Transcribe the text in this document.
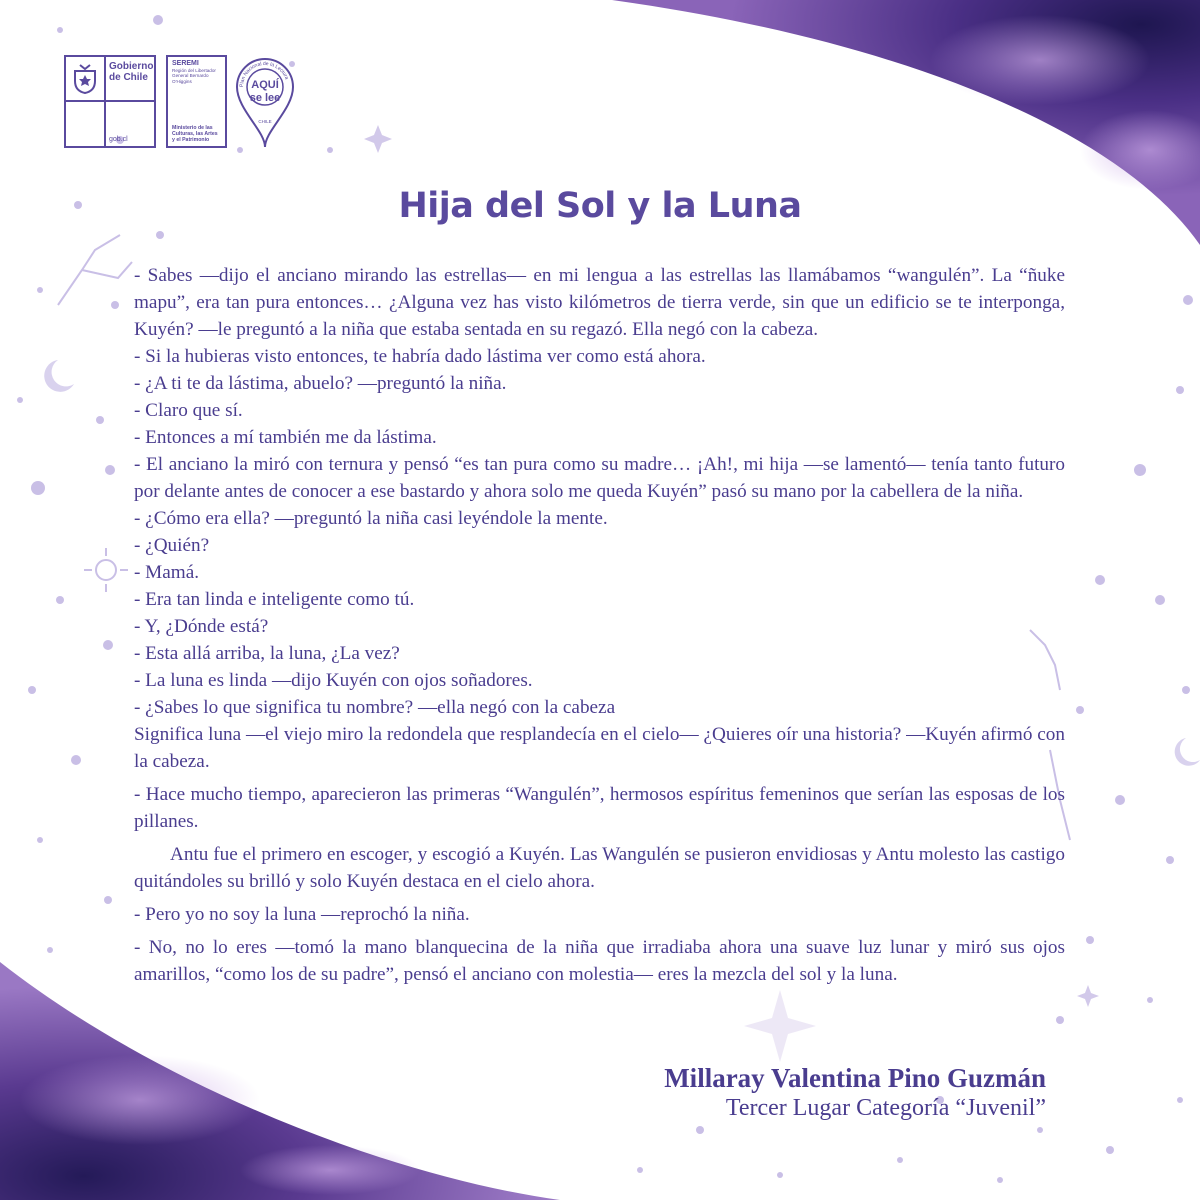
Gobierno de Chile
gob.cl
SEREMI
Región del Libertador General Bernardo O'Higgins
Ministerio de las Culturas, las Artes y el Patrimonio
Plan Nacional de la Lectura
AQUÍ
se lee
CHILE
Hija del Sol y la Luna

- Sabes —dijo el anciano mirando las estrellas— en mi lengua a las estrellas las llamábamos “wangulén”. La “ñuke mapu”, era tan pura entonces… ¿Alguna vez has visto kilómetros de tierra verde, sin que un edificio se te interponga, Kuyén? —le preguntó a la niña que estaba sentada en su regazó. Ella negó con la cabeza.

- Si la hubieras visto entonces, te habría dado lástima ver como está ahora.

- ¿A ti te da lástima, abuelo? —preguntó la niña.

- Claro que sí.

- Entonces a mí también me da lástima.

- El anciano la miró con ternura y pensó “es tan pura como su madre… ¡Ah!, mi hija —se lamentó— tenía tanto futuro por delante antes de conocer a ese bastardo y ahora solo me queda Kuyén” pasó su mano por la cabellera de la niña.

- ¿Cómo era ella? —preguntó la niña casi leyéndole la mente.

- ¿Quién?

- Mamá.

- Era tan linda e inteligente como tú.

- Y, ¿Dónde está?

- Esta allá arriba, la luna, ¿La vez?

- La luna es linda —dijo Kuyén con ojos soñadores.

- ¿Sabes lo que significa tu nombre? —ella negó con la cabeza

Significa luna —el viejo miro la redondela que resplandecía en el cielo— ¿Quieres oír una historia? —Kuyén afirmó con la cabeza.

- Hace mucho tiempo, aparecieron las primeras “Wangulén”, hermosos espíritus femeninos que serían las esposas de los pillanes.

Antu fue el primero en escoger, y escogió a Kuyén. Las Wangulén se pusieron envidiosas y Antu molesto las castigo quitándoles su brilló y solo Kuyén destaca en el cielo ahora.

- Pero yo no soy la luna —reprochó la niña.

- No, no lo eres —tomó la mano blanquecina de la niña que irradiaba ahora una suave luz lunar y miró sus ojos amarillos, “como los de su padre”, pensó el anciano con molestia— eres la mezcla del sol y la luna.

Millaray Valentina Pino Guzmán
Tercer Lugar Categoría “Juvenil”
